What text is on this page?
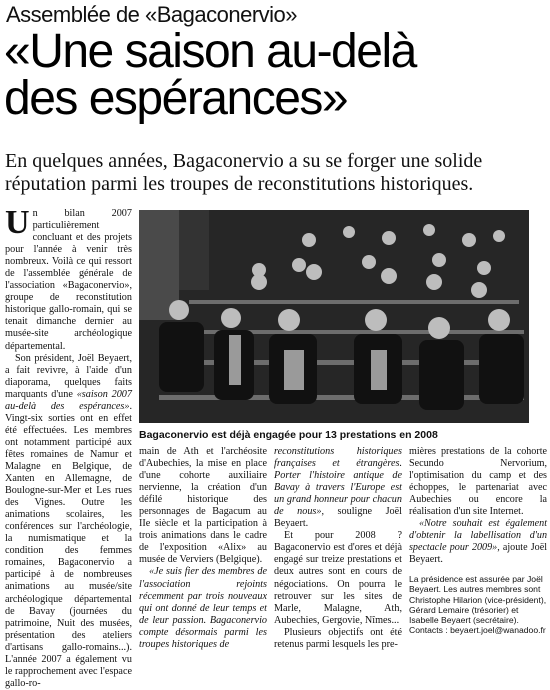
Assemblée de «Bagaconervio»
«Une saison au-delà
des espérances»
En quelques années, Bagaconervio a su se forger une solide
réputation parmi les troupes de reconstitutions historiques.

Un bilan 2007 particulièrement concluant et des projets pour l'année à venir très nombreux. Voilà ce qui ressort de l'assemblée générale de l'association «Bagaconervio», groupe de reconstitution historique gallo-romain, qui se tenait dimanche dernier au musée-site archéologique départemental.

Son président, Joël Beyaert, a fait revivre, à l'aide d'un diaporama, quelques faits marquants d'une «saison 2007 au-delà des espérances». Vingt-six sorties ont en effet été effectuées. Les membres ont notamment participé aux fêtes romaines de Namur et Malagne en Belgique, de Xanten en Allemagne, de Boulogne-sur-Mer et Les rues des Vignes. Outre les animations scolaires, les conférences sur l'archéologie, la numismatique et la condition des femmes romaines, Bagaconervio a participé à de nombreuses animations au musée/site archéologique départemental de Bavay (journées du patrimoine, Nuit des musées, présentation des ateliers d'artisans gallo-romains...). L'année 2007 a également vu le rapprochement avec l'espace gallo-ro-

Bagaconervio est déjà engagée pour 13 prestations en 2008

main de Ath et l'archéosite d'Aubechies, la mise en place d'une cohorte auxiliaire nervienne, la création d'un défilé historique des personnages de Bagacum au IIe siècle et la participation à trois animations dans le cadre de l'exposition «Alix» au musée de Verviers (Belgique).

«Je suis fier des membres de l'association rejoints récemment par trois nouveaux qui ont donné de leur temps et de leur passion. Bagaconervio compte désormais parmi les troupes historiques de

reconstitutions historiques françaises et étrangères. Porter l'histoire antique de Bavay à travers l'Europe est un grand honneur pour chacun de nous», souligne Joël Beyaert.

Et pour 2008 ? Bagaconervio est d'ores et déjà engagé sur treize prestations et deux autres sont en cours de négociations. On pourra le retrouver sur les sites de Marle, Malagne, Ath, Aubechies, Gergovie, Nîmes...

Plusieurs objectifs ont été retenus parmi lesquels les pre-

mières prestations de la cohorte Secundo Nervorium, l'optimisation du camp et des échoppes, le partenariat avec Aubechies ou encore la réalisation d'un site Internet.

«Notre souhait est également d'obtenir la labellisation d'un spectacle pour 2009», ajoute Joël Beyaert.

La présidence est assurée par Joël Beyaert. Les autres membres sont Christophe Hilarion (vice-président), Gérard Lemaire (trésorier) et Isabelle Beyaert (secrétaire). Contacts : beyaert.joel@wanadoo.fr
